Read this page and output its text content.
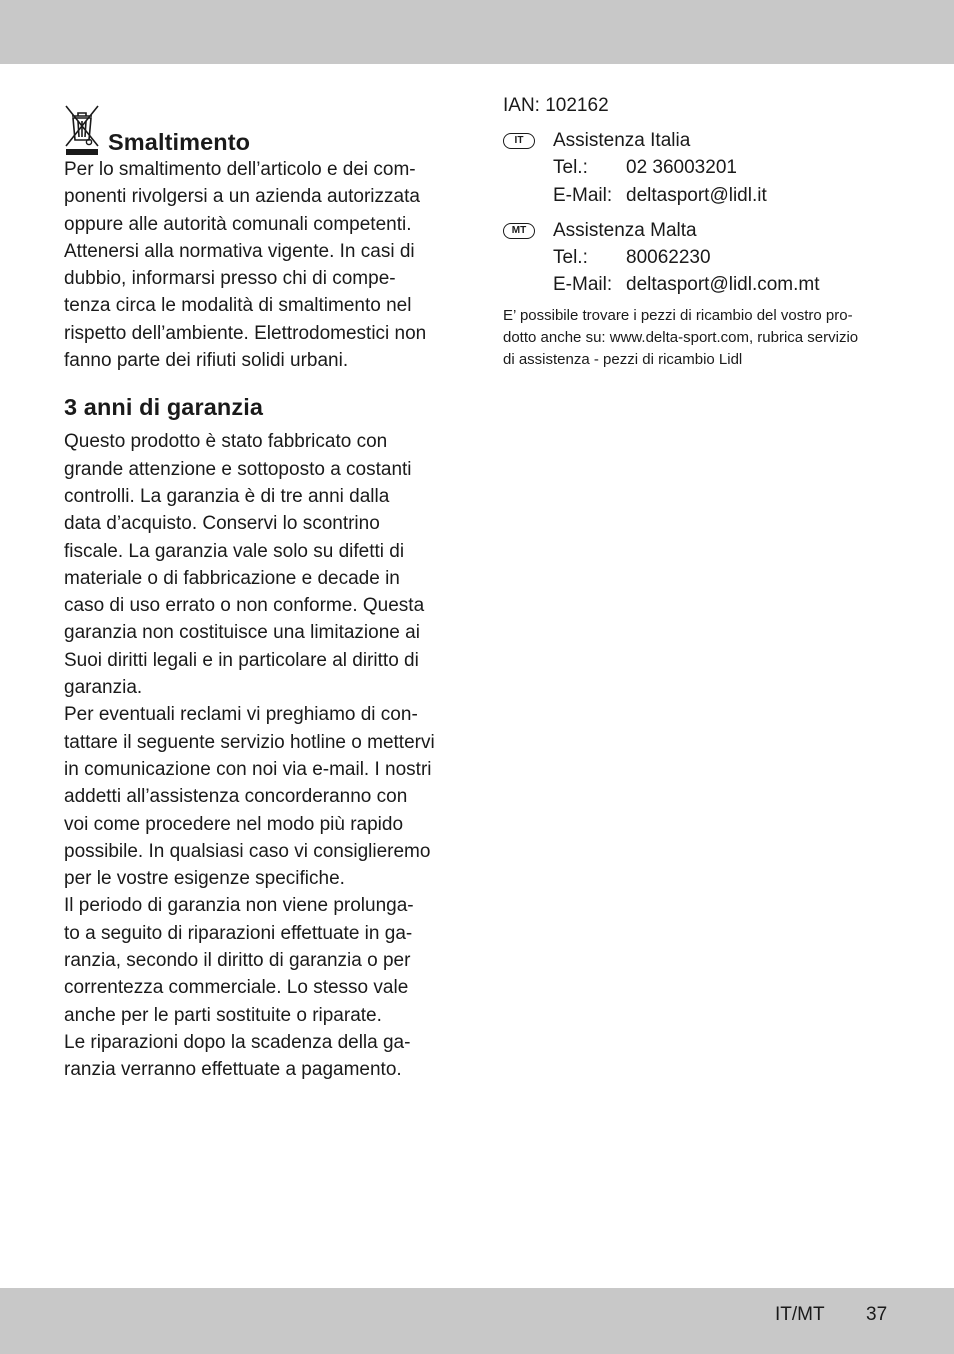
Smaltimento

Per lo smaltimento dell’articolo e dei com-
ponenti rivolgersi a un azienda autorizzata
oppure alle autorità comunali competenti.
Attenersi alla normativa vigente. In casi di
dubbio, informarsi presso chi di compe-
tenza circa le modalità di smaltimento nel
rispetto dell’ambiente. Elettrodomestici non
fanno parte dei rifiuti solidi urbani.

3 anni di garanzia

Questo prodotto è stato fabbricato con
grande attenzione e sottoposto a costanti
controlli. La garanzia è di tre anni dalla
data d’acquisto. Conservi lo scontrino
fiscale. La garanzia vale solo su difetti di
materiale o di fabbricazione e decade in
caso di uso errato o non conforme. Questa
garanzia non costituisce una limitazione ai
Suoi diritti legali e in particolare al diritto di
garanzia.

Per eventuali reclami vi preghiamo di con-
tattare il seguente servizio hotline o mettervi
in comunicazione con noi via e-mail. I nostri
addetti all’assistenza concorderanno con
voi come procedere nel modo più rapido
possibile. In qualsiasi caso vi consiglieremo
per le vostre esigenze specifiche.

Il periodo di garanzia non viene prolunga-
to a seguito di riparazioni effettuate in ga-
ranzia, secondo il diritto di garanzia o per
correntezza commerciale. Lo stesso vale
anche per le parti sostituite o riparate.

Le riparazioni dopo la scadenza della ga-
ranzia verranno effettuate a pagamento.

IAN: 102162
IT	Assistenza Italia
Tel.: 02 36003201
E-Mail: deltasport@lidl.it
MT	Assistenza Malta
Tel.: 80062230
E-Mail: deltasport@lidl.com.mt
E’ possibile trovare i pezzi di ricambio del vostro pro-
dotto anche su: www.delta-sport.com, rubrica servizio
di assistenza - pezzi di ricambio Lidl
IT/MT 37
